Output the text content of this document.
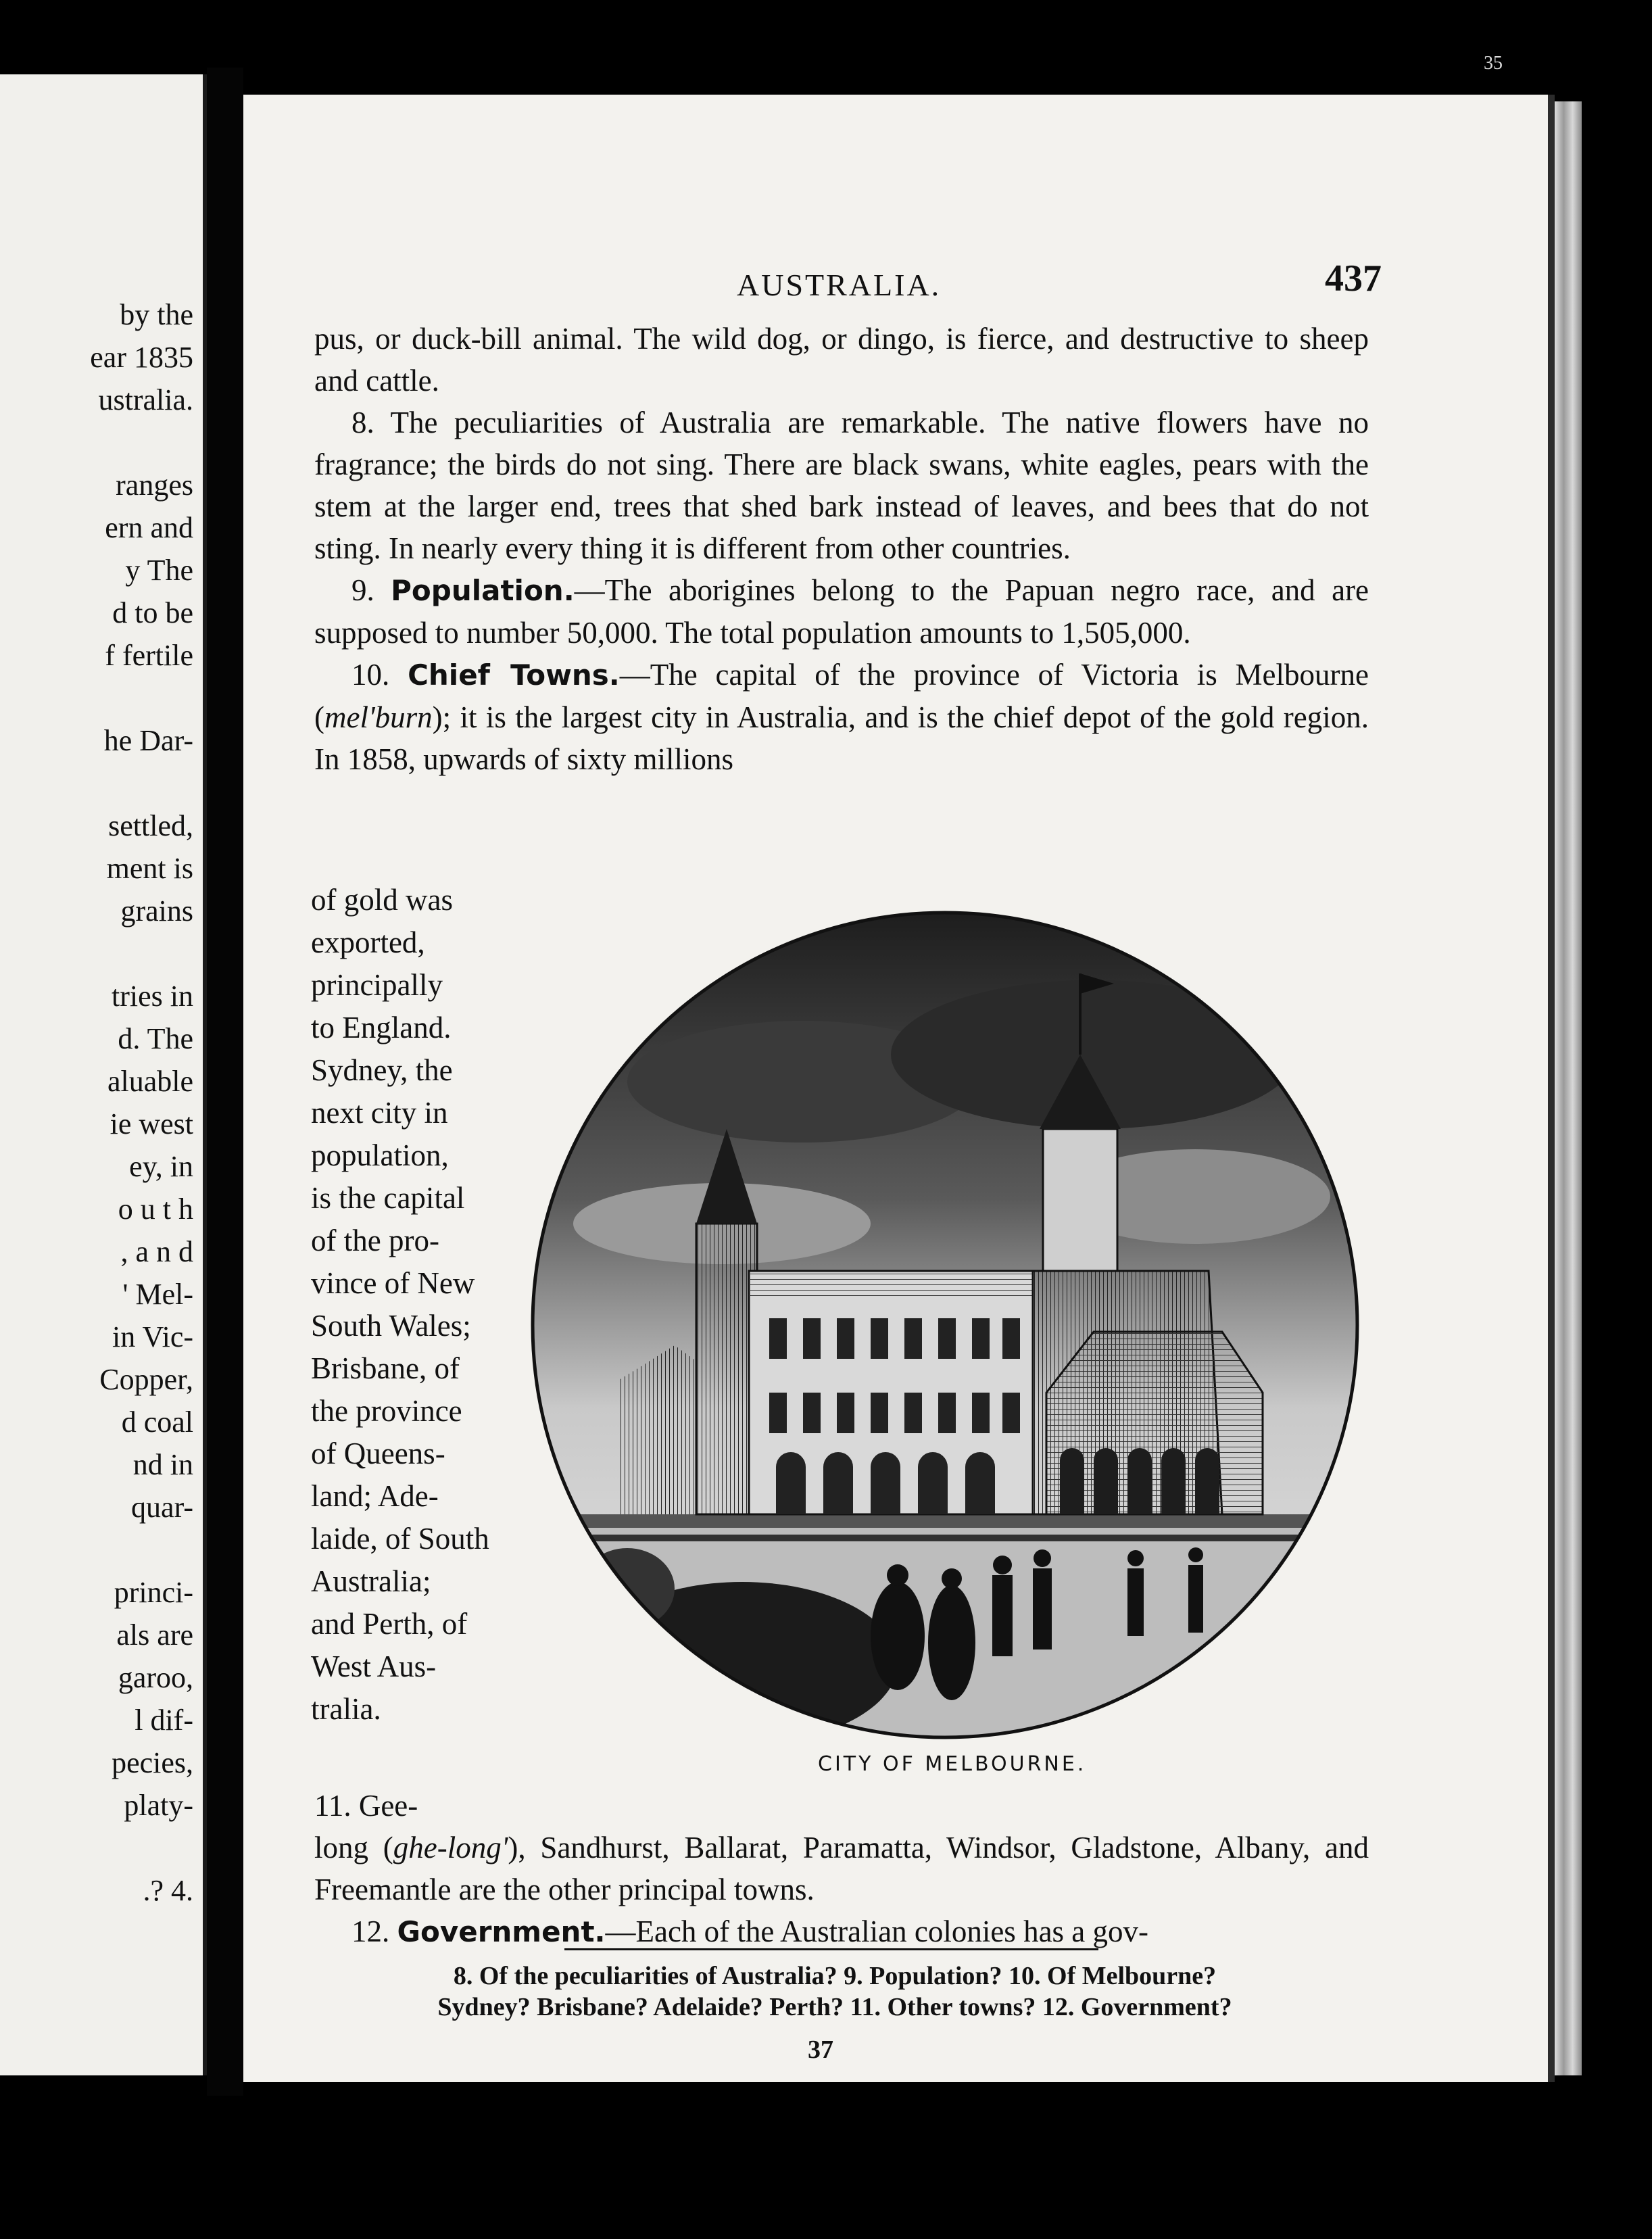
by the
ear 1835
ustralia.
ranges
ern and
y The
d to be
f fertile
he Dar-
settled,
ment is
grains
tries in
d. The
aluable
ie west
ey, in
o u t h
, a n d
' Mel-
in Vic-
Copper,
d coal
nd in
quar-
princi-
als are
garoo,
l dif-
pecies,
platy-
.? 4.
35
AUSTRALIA.	437

pus, or duck-bill animal. The wild dog, or dingo, is fierce, and destructive to sheep and cattle.

8. The peculiarities of Australia are remarkable. The native flowers have no fragrance; the birds do not sing. There are black swans, white eagles, pears with the stem at the larger end, trees that shed bark instead of leaves, and bees that do not sting. In nearly every thing it is different from other countries.

9. Population.—The aborigines belong to the Papuan negro race, and are supposed to number 50,000. The total population amounts to 1,505,000.

10. Chief Towns.—The capital of the province of Victoria is Melbourne (mel'burn); it is the largest city in Australia, and is the chief depot of the gold region. In 1858, upwards of sixty millions

of gold was
exported,
principally
to England.
Sydney, the
next city in
population,
is the capital
of the pro-
vince of New
South Wales;
Brisbane, of
the province
of Queens-
land; Ade-
laide, of South
Australia;
and Perth, of
West Aus-
tralia.
CITY OF MELBOURNE.
11. Gee-
long (ghe-long'), Sandhurst, Ballarat, Paramatta, Windsor, Gladstone, Albany, and Freemantle are the other principal towns.
12. Government.—Each of the Australian colonies has a gov-
8. Of the peculiarities of Australia? 9. Population? 10. Of Melbourne?
Sydney? Brisbane? Adelaide? Perth? 11. Other towns? 12. Government?
37
